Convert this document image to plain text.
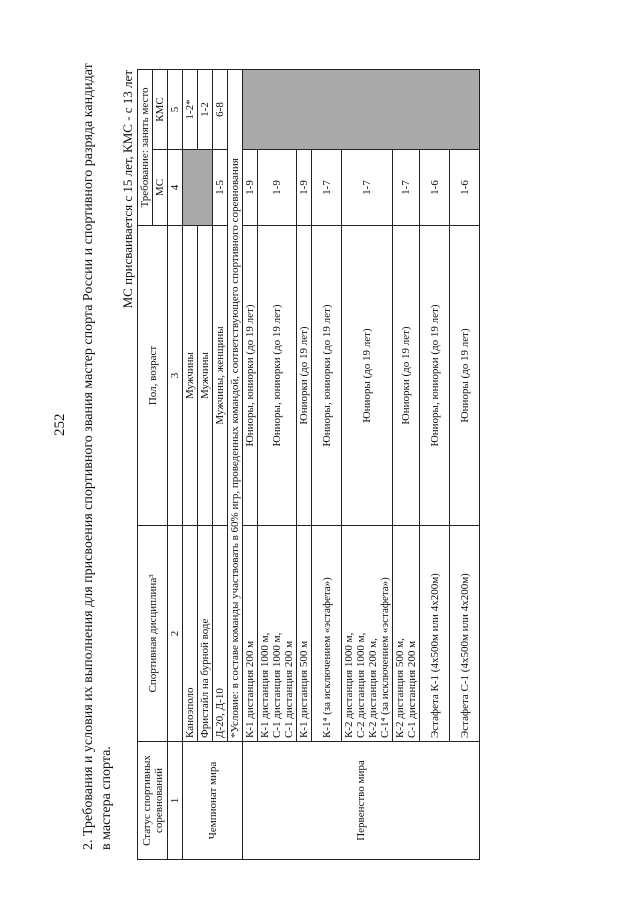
252 2. Требования и условия их выполнения для присвоения спортивного звания мастер спорта России и спортивного разряда кандидат в мастера спорта.

МС присваивается с 15 лет, КМС - с 13 лет
Статус спортивных соревнований	Спортивная дисциплина³	Пол, возраст	Требование: занять место	
			МС	КМС
1	2	3	4	5
Чемпионат мира	Каноэполо	Мужчины		1-2*
	Фристайл на бурной воде	Мужчины		1-2
	Д-20, Д-10	Мужчины, женщины	1-5	6-8
	*Условие: в составе команды участвовать в 60% игр, проведенных командой, соответствующего спортивного соревнования			
Первенство мира	К-1 дистанция 200 м	Юниоры, юниорки (до 19 лет)	1-9	
	К-1 дистанция 1000 м,
С-1 дистанция 1000 м,
С-1 дистанция 200 м	Юниоры, юниорки (до 19 лет)	1-9	
	К-1 дистанция 500 м	Юниорки (до 19 лет)	1-9	
	К-1⁴ (за исключением «эстафета»)	Юниоры, юниорки (до 19 лет)	1-7	
	К-2 дистанция 1000 м,
С-2 дистанция 1000 м,
К-2 дистанция 200 м,
С-1⁴ (за исключением «эстафета»)	Юниоры (до 19 лет)	1-7	
	К-2 дистанция 500 м,
С-1 дистанция 200 м	Юниорки (до 19 лет)	1-7	
	Эстафета К-1 (4х500м или 4х200м)	Юниоры, юниорки (до 19 лет)	1-6	
	Эстафета С-1 (4х500м или 4х200м)	Юниоры (до 19 лет)	1-6	
